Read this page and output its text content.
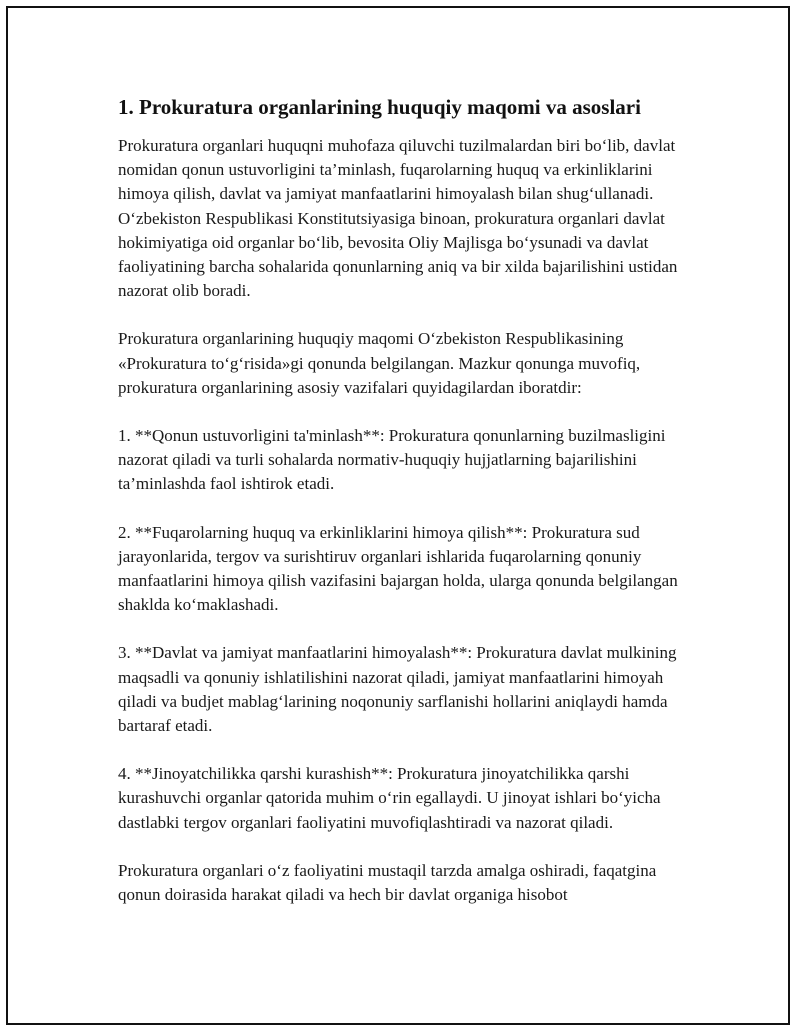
1. Prokuratura organlarining huquqiy maqomi va asoslari

Prokuratura organlari huquqni muhofaza qiluvchi tuzilmalardan biri bo‘lib, davlat nomidan qonun ustuvorligini ta’minlash, fuqarolarning huquq va erkinliklarini himoya qilish, davlat va jamiyat manfaatlarini himoyalash bilan shug‘ullanadi. O‘zbekiston Respublikasi Konstitutsiyasiga binoan, prokuratura organlari davlat hokimiyatiga oid organlar bo‘lib, bevosita Oliy Majlisga bo‘ysunadi va davlat faoliyatining barcha sohalarida qonunlarning aniq va bir xilda bajarilishini ustidan nazorat olib boradi.

Prokuratura organlarining huquqiy maqomi O‘zbekiston Respublikasining «Prokuratura to‘g‘risida»gi qonunda belgilangan. Mazkur qonunga muvofiq, prokuratura organlarining asosiy vazifalari quyidagilardan iboratdir:

1. **Qonun ustuvorligini ta'minlash**: Prokuratura qonunlarning buzilmasligini nazorat qiladi va turli sohalarda normativ-huquqiy hujjatlarning bajarilishini ta’minlashda faol ishtirok etadi.

2. **Fuqarolarning huquq va erkinliklarini himoya qilish**: Prokuratura sud jarayonlarida, tergov va surishtiruv organlari ishlarida fuqarolarning qonuniy manfaatlarini himoya qilish vazifasini bajargan holda, ularga qonunda belgilangan shaklda ko‘maklashadi.

3. **Davlat va jamiyat manfaatlarini himoyalash**: Prokuratura davlat mulkining maqsadli va qonuniy ishlatilishini nazorat qiladi, jamiyat manfaatlarini himoyah qiladi va budjet mablag‘larining noqonuniy sarflanishi hollarini aniqlaydi hamda bartaraf etadi.

4. **Jinoyatchilikka qarshi kurashish**: Prokuratura jinoyatchilikka qarshi kurashuvchi organlar qatorida muhim o‘rin egallaydi. U jinoyat ishlari bo‘yicha dastlabki tergov organlari faoliyatini muvofiqlashtiradi va nazorat qiladi.

Prokuratura organlari o‘z faoliyatini mustaqil tarzda amalga oshiradi, faqatgina qonun doirasida harakat qiladi va hech bir davlat organiga hisobot
